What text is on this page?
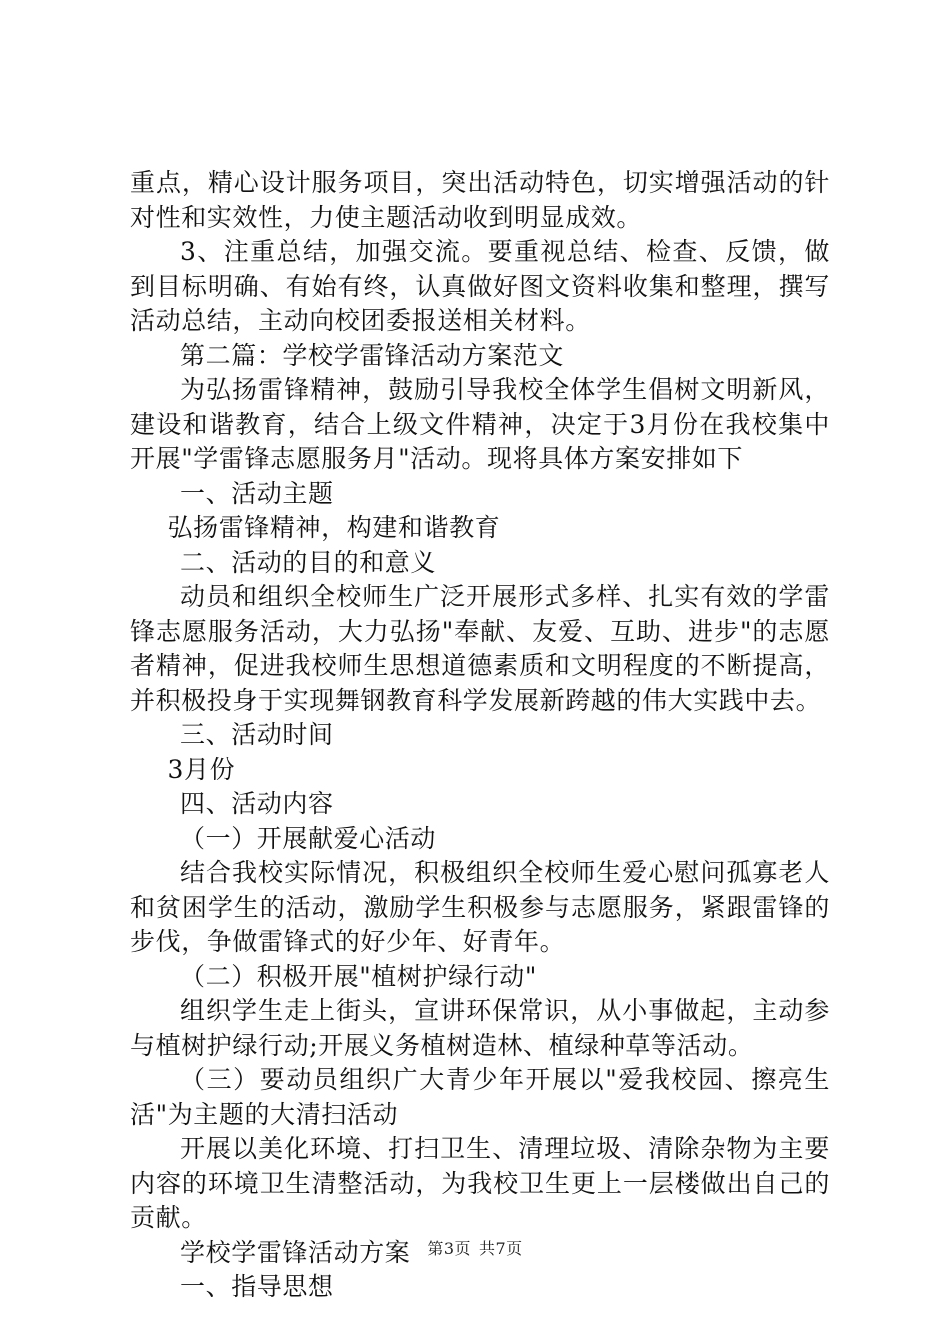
重点，精心设计服务项目，突出活动特色，切实增强活动的针对性和实效性，力使主题活动收到明显成效。

3、注重总结，加强交流。要重视总结、检查、反馈，做到目标明确、有始有终，认真做好图文资料收集和整理，撰写活动总结，主动向校团委报送相关材料。

第二篇：学校学雷锋活动方案范文

为弘扬雷锋精神，鼓励引导我校全体学生倡树文明新风，建设和谐教育，结合上级文件精神，决定于3月份在我校集中开展"学雷锋志愿服务月"活动。现将具体方案安排如下

一、活动主题

弘扬雷锋精神，构建和谐教育

二、活动的目的和意义

动员和组织全校师生广泛开展形式多样、扎实有效的学雷锋志愿服务活动，大力弘扬"奉献、友爱、互助、进步"的志愿者精神，促进我校师生思想道德素质和文明程度的不断提高，并积极投身于实现舞钢教育科学发展新跨越的伟大实践中去。

三、活动时间

3月份

四、活动内容

（一）开展献爱心活动

结合我校实际情况，积极组织全校师生爱心慰问孤寡老人和贫困学生的活动，激励学生积极参与志愿服务，紧跟雷锋的步伐，争做雷锋式的好少年、好青年。

（二）积极开展"植树护绿行动"

组织学生走上街头，宣讲环保常识，从小事做起，主动参与植树护绿行动;开展义务植树造林、植绿种草等活动。

（三）要动员组织广大青少年开展以"爱我校园、擦亮生活"为主题的大清扫活动

开展以美化环境、打扫卫生、清理垃圾、清除杂物为主要内容的环境卫生清整活动，为我校卫生更上一层楼做出自己的贡献。

学校学雷锋活动方案

一、指导思想

第3页 共7页
